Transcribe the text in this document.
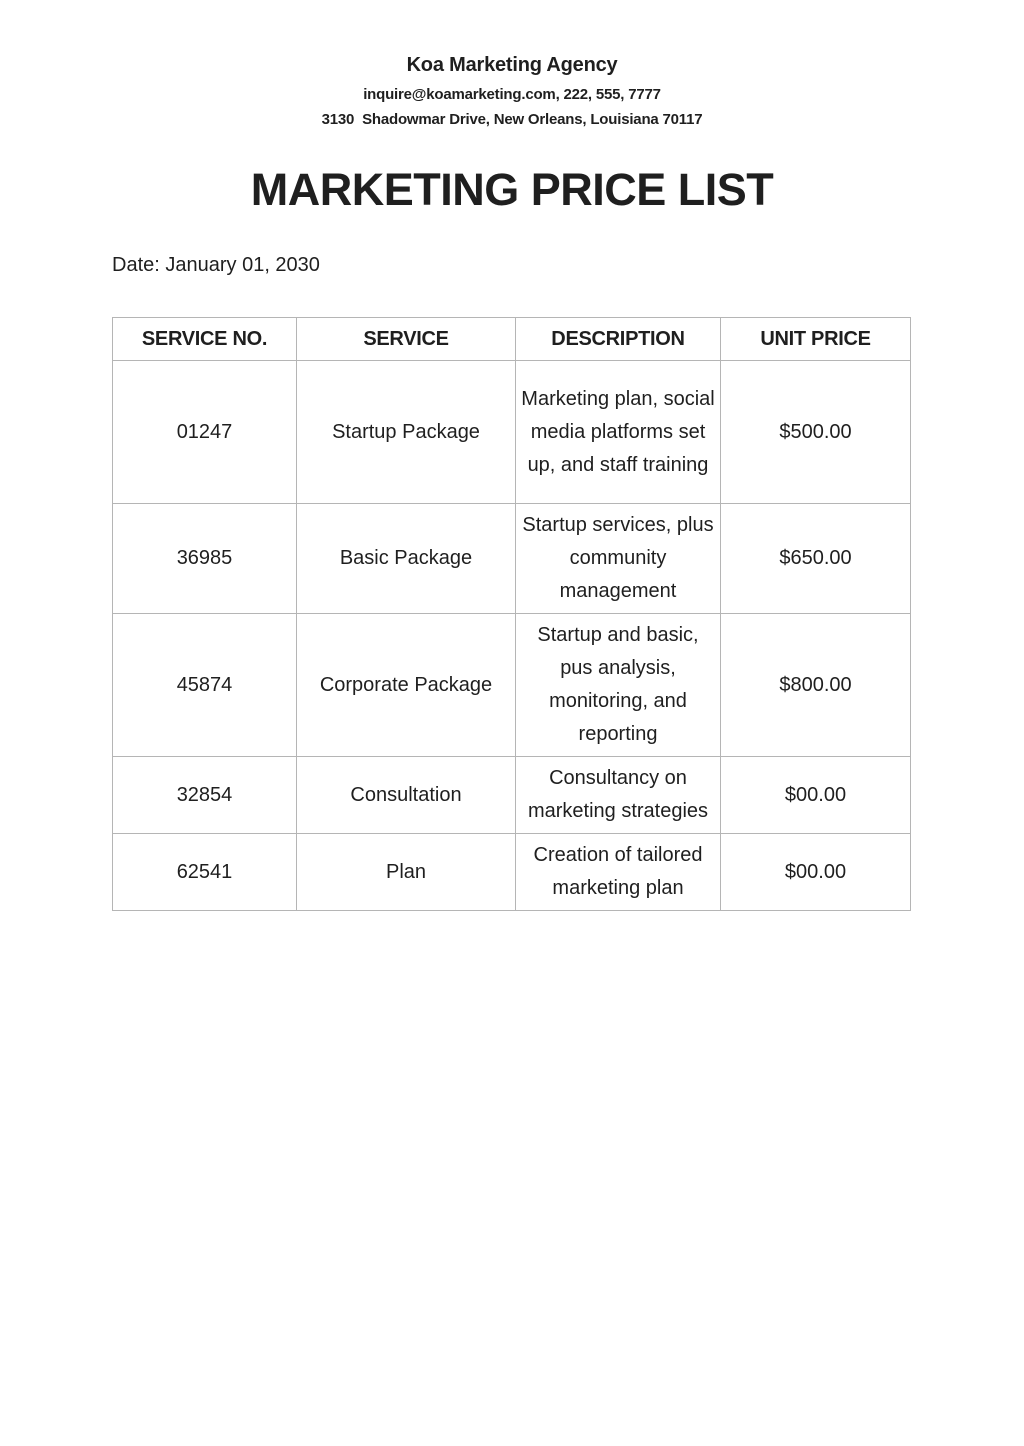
Koa Marketing Agency
inquire@koamarketing.com, 222, 555, 7777
3130  Shadowmar Drive, New Orleans, Louisiana 70117
MARKETING PRICE LIST
Date: January 01, 2030
SERVICE NO.	SERVICE	DESCRIPTION	UNIT PRICE
01247	Startup Package	Marketing plan, social media platforms set up, and staff training	$500.00
36985	Basic Package	Startup services, plus community management	$650.00
45874	Corporate Package	Startup and basic, pus analysis, monitoring, and reporting	$800.00
32854	Consultation	Consultancy on marketing strategies	$00.00
62541	Plan	Creation of tailored marketing plan	$00.00
